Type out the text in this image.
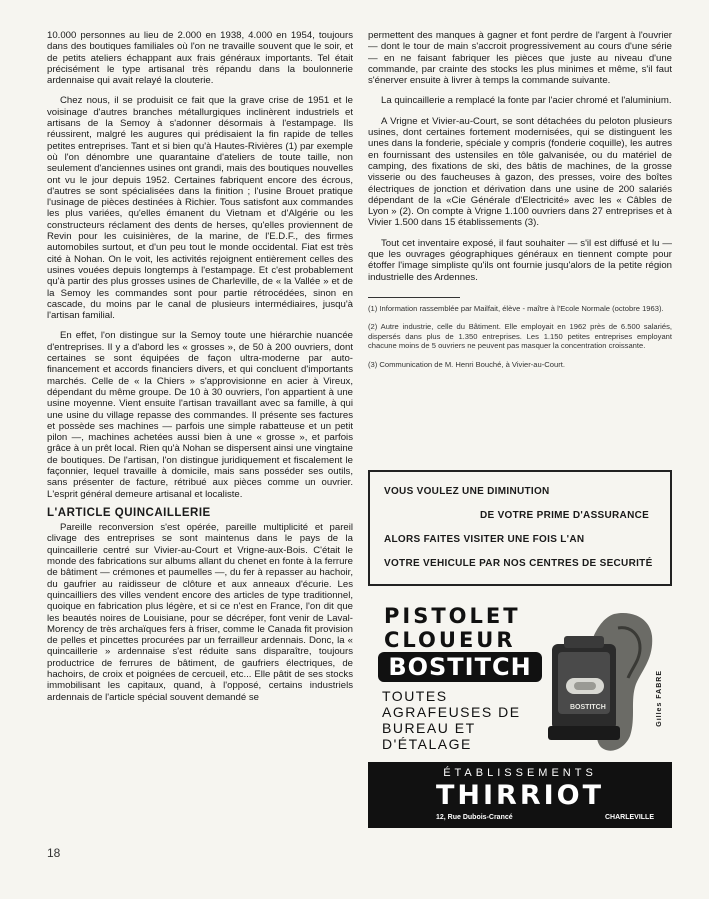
10.000 personnes au lieu de 2.000 en 1938, 4.000 en 1954, toujours dans des boutiques familiales où l'on ne travaille souvent que le soir, et de petits ateliers échappant aux frais généraux importants. Tel était précisément le type artisanal très répandu dans la boulonnerie ardennaise qui avait relayé la clouterie.

Chez nous, il se produisit ce fait que la grave crise de 1951 et le voisinage d'autres branches métallurgiques inclinèrent industriels et artisans de la Semoy à s'adonner désormais à l'estampage. Ils réussirent, malgré les augures qui prédisaient la fin rapide de telles petites entreprises. Tant et si bien qu'à Hautes-Rivières (1) par exemple où l'on dénombre une quarantaine d'ateliers de toute taille, non seulement d'anciennes usines ont grandi, mais des boutiques nouvelles ont vu le jour depuis 1952. Certaines fabriquent encore des écrous, d'autres se sont spécialisées dans la finition ; l'usine Brouet pratique l'usinage de pièces destinées à Richier. Tous satisfont aux commandes les plus variées, qu'elles émanent du Vietnam et d'Algérie ou les constructeurs réclament des dents de herses, qu'elles proviennent de Revin pour les cuisinières, de la marine, de l'E.D.F., des firmes automobiles surtout, et d'un peu tout le monde occidental. Fiat est très cité à Nohan. On le voit, les activités rejoignent entièrement celles des usines vouées depuis longtemps à l'estampage. Et c'est probablement qu'à partir des plus grosses usines de Charleville, de « la Vallée » et de la Semoy les commandes sont pour partie rétrocédées, sinon en cascade, du moins par le canal de plusieurs intermédiaires, jusqu'à l'artisan familial.

En effet, l'on distingue sur la Semoy toute une hiérarchie nuancée d'entreprises. Il y a d'abord les « grosses », de 50 à 200 ouvriers, dont certaines se sont équipées de façon ultra-moderne par auto-financement et accords financiers divers, et qui concluent d'importants marchés. Celle de « la Chiers » s'approvisionne en acier à Vireux, dépendant du même groupe. De 10 à 30 ouvriers, l'on appartient à une usine moyenne. Vient ensuite l'artisan travaillant avec sa famille, à qui une usine du village repasse des commandes. Il présente ses factures et possède ses machines — parfois une simple rabatteuse et un petit pilon —, machines achetées aussi bien à une « grosse », et parfois grâce à un prêt local. Rien qu'à Nohan se dispersent ainsi une vingtaine de boutiques. De l'artisan, l'on distingue juridiquement et fiscalement le façonnier, lequel travaille à domicile, mais sans posséder ses outils, sans présenter de facture, rétribué aux pièces comme un ouvrier. L'esprit général demeure artisanal et localiste.

L'ARTICLE QUINCAILLERIE

Pareille reconversion s'est opérée, pareille multiplicité et pareil clivage des entreprises se sont maintenus dans le pays de la quincaillerie centré sur Vivier-au-Court et Vrigne-aux-Bois. C'était le monde des fabrications sur albums allant du chenet en fonte à la ferrure de bâtiment — crémones et paumelles —, du fer à repasser au hachoir, du gaufrier au raidisseur de clôture et aux anneaux d'écurie. Les quincailliers des villes vendent encore des articles de type traditionnel, quoique en fabrication plus légère, et si ce n'est en France, l'on dit que les beautés noires de Louisiane, pour se décréper, font venir de Laval-Morency de très archaïques fers à friser, comme le Canada fit provision de pelles et pincettes procurées par un ferrailleur ardennais. Donc, la « quincaillerie » ardennaise s'est réduite sans disparaître, toujours productrice de ferrures de bâtiment, de gaufriers électriques, de hachoirs, de croix et poignées de cercueil, etc... Elle pâtit de ses stocks immobilisant les capitaux, quand, à l'opposé, certains industriels ardennais de l'article spécial souvent demandé se

permettent des manques à gagner et font perdre de l'argent à l'ouvrier — dont le tour de main s'accroit progressivement au cours d'une série — en ne faisant fabriquer les pièces que juste au niveau d'une commande, par crainte des stocks les plus minimes et même, s'il faut s'énerver ensuite à livrer à temps la commande suivante.

La quincaillerie a remplacé la fonte par l'acier chromé et l'aluminium.

A Vrigne et Vivier-au-Court, se sont détachées du peloton plusieurs usines, dont certaines fortement modernisées, qui se distinguent les unes dans la fonderie, spéciale y compris (fonderie coquille), les autres en fournissant des ustensiles en tôle galvanisée, ou du matériel de camping, des fixations de ski, des bâtis de machines, de la grosse visserie ou des faucheuses à gazon, des presses, voire des boîtes électriques de jonction et dérivation dans une usine de 200 salariés dépendant de la «Cie Générale d'Electricité» avec les « Câbles de Lyon » (2). On compte à Vrigne 1.100 ouvriers dans 27 entreprises et à Vivier 1.500 dans 15 établissements (3).

Tout cet inventaire exposé, il faut souhaiter — s'il est diffusé et lu — que les ouvrages géographiques généraux en tiennent compte pour étoffer l'image simpliste qu'ils ont fournie jusqu'alors de la petite région industrielle des Ardennes.

(1) Information rassemblée par Mailfait, élève - maître à l'Ecole Normale (octobre 1963).

(2) Autre industrie, celle du Bâtiment. Elle employait en 1962 près de 6.500 salariés, dispersés dans plus de 1.350 entreprises. Les 1.150 petites entreprises employant chacune moins de 5 ouvriers ne peuvent pas masquer la concentration croissante.

(3) Communication de M. Henri Bouché, à Vivier-au-Court.

VOUS VOULEZ UNE DIMINUTION
DE VOTRE PRIME D'ASSURANCE
ALORS FAITES VISITER UNE FOIS L'AN
VOTRE VEHICULE PAR NOS CENTRES DE SECURITÉ
PISTOLET
CLOUEUR
BOSTITCH
TOUTES
AGRAFEUSES DE
BUREAU ET
D'ÉTALAGE
BOSTITCH	Gilles FABRE
ÉTABLISSEMENTS
THIRRIOT
12, Rue Dubois-Crancé	CHARLEVILLE
18
